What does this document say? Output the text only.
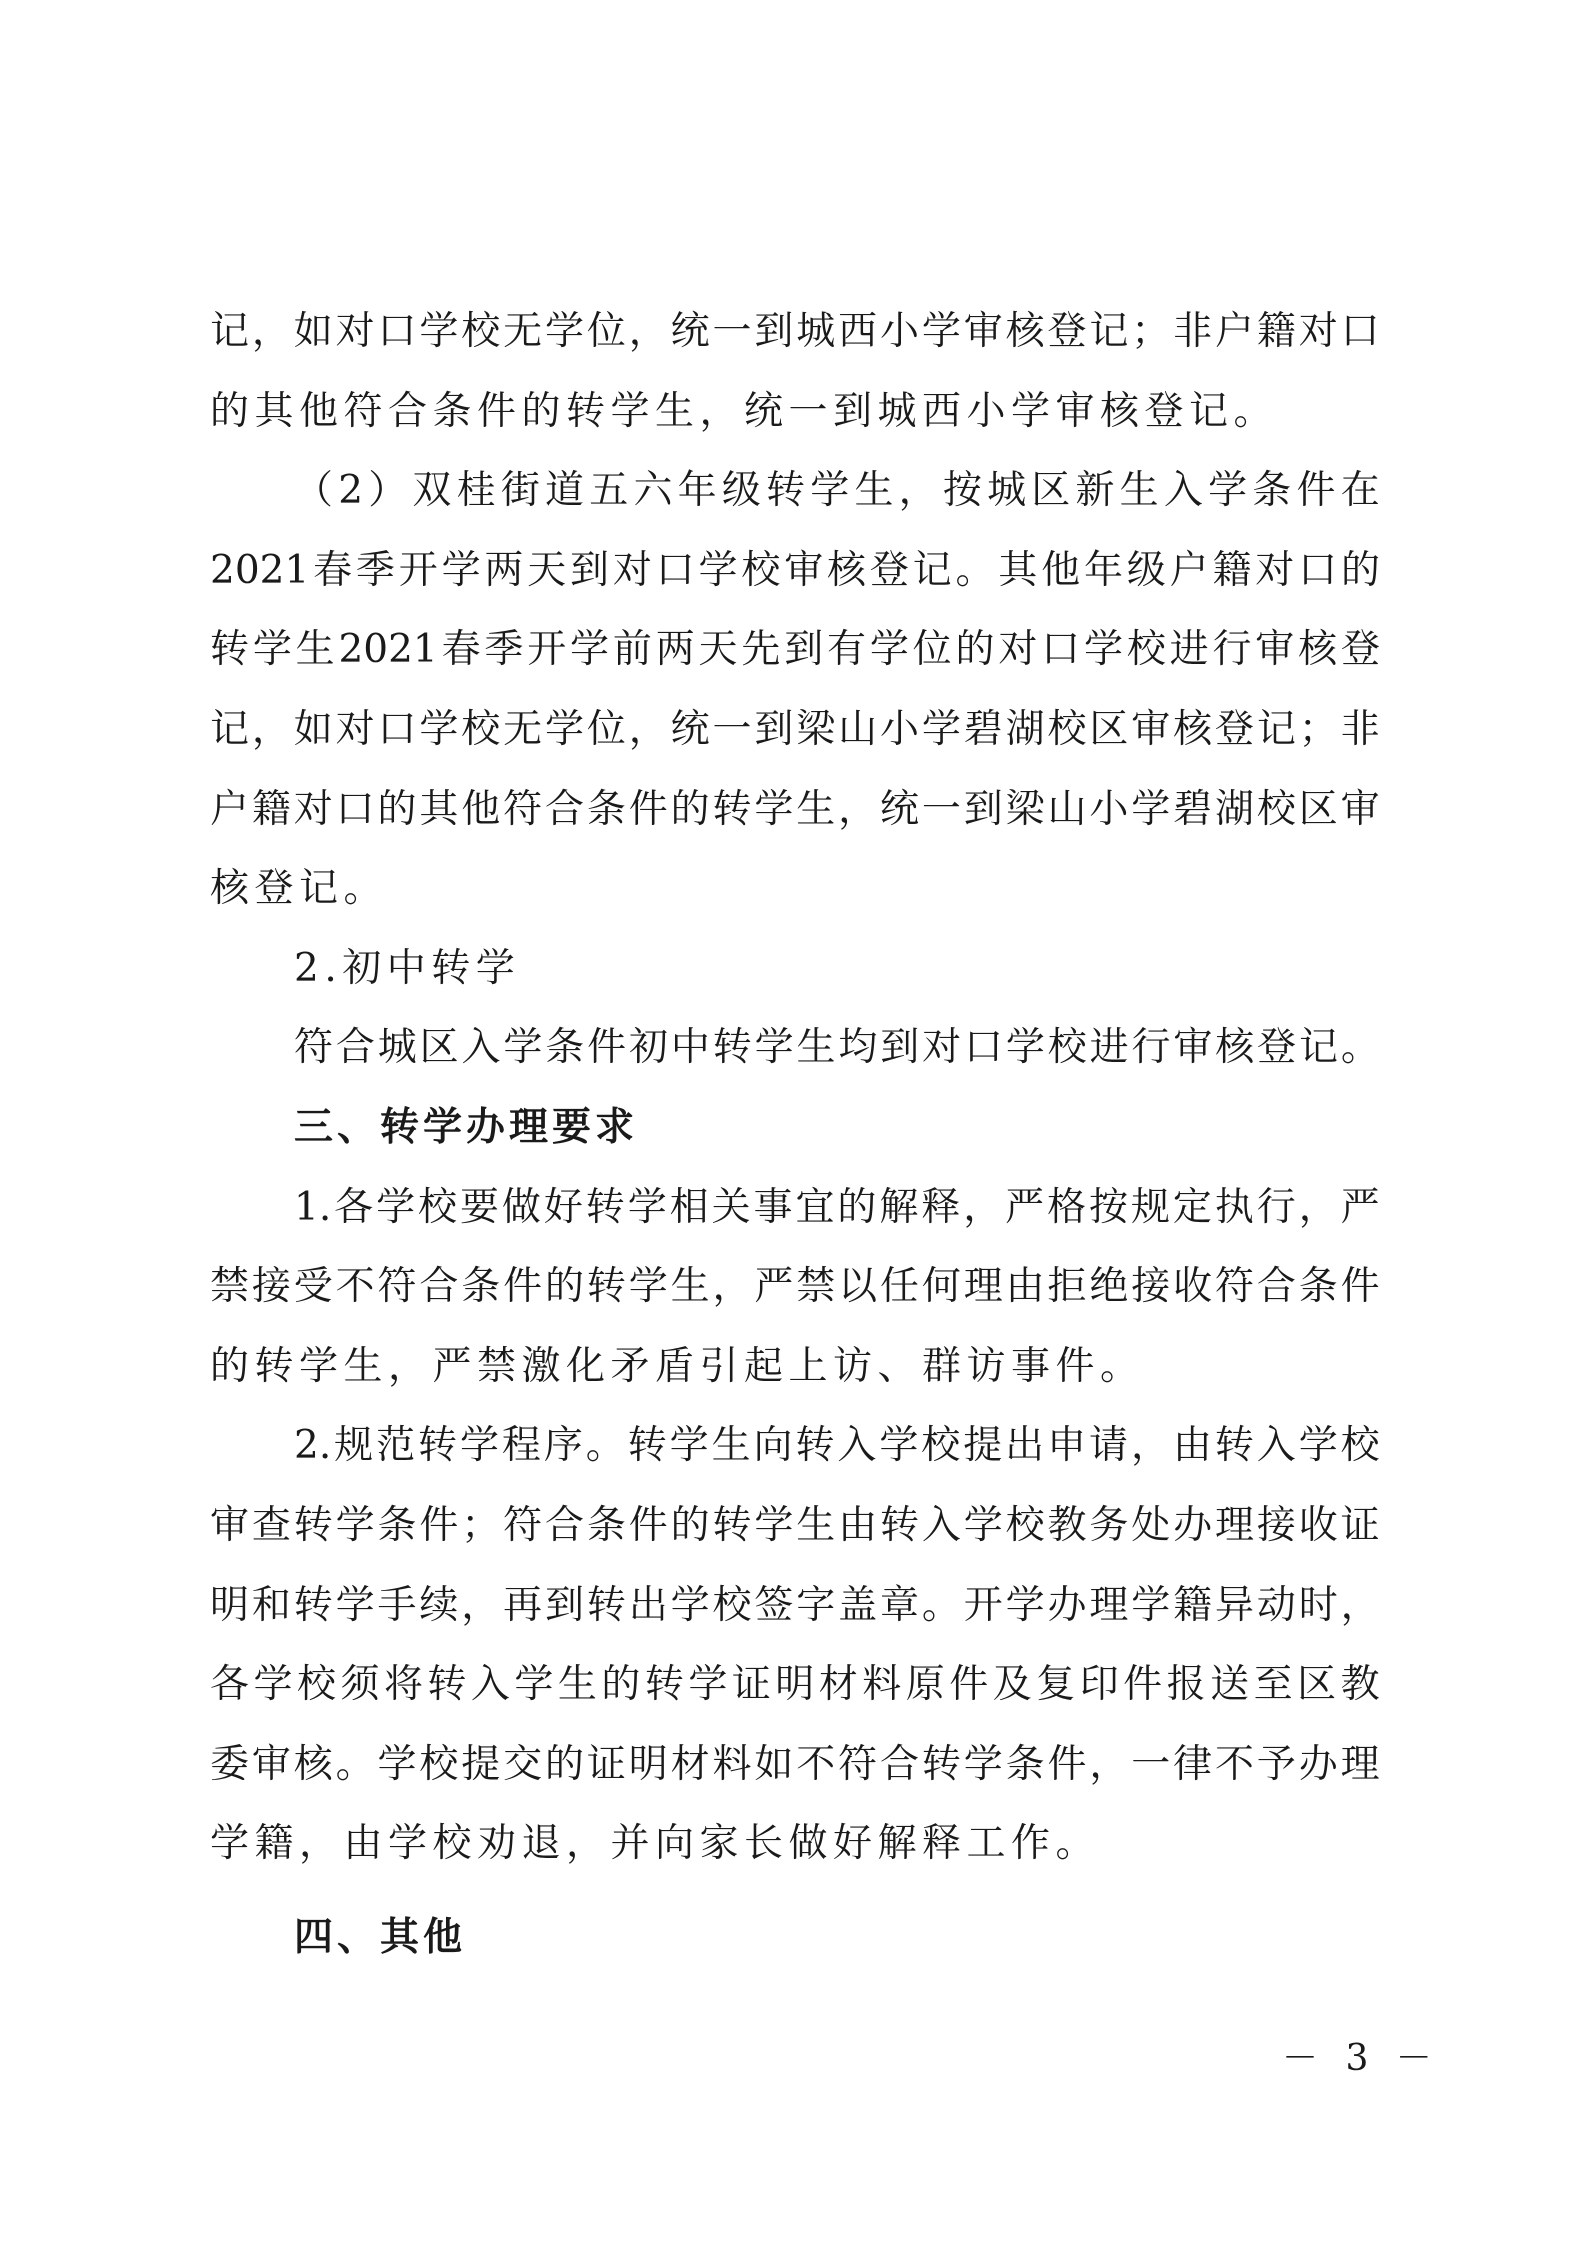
记 ， 如 对 口 学 校 无 学 位 ， 统 一 到 城 西 小 学 审 核 登 记 ； 非 户 籍 对 口
的其他符合条件的转学生，统一到城西小学审核登记。
（ 2 ） 双 桂 街 道 五 六 年 级 转 学 生 ， 按 城 区 新 生 入 学 条 件 在
2021 春 季 开 学 两 天 到 对 口 学 校 审 核 登 记 。 其 他 年 级 户 籍 对 口 的
转 学 生 2021 春 季 开 学 前 两 天 先 到 有 学 位 的 对 口 学 校 进 行 审 核 登
记 ， 如 对 口 学 校 无 学 位 ， 统 一 到 梁 山 小 学 碧 湖 校 区 审 核 登 记 ； 非
户 籍 对 口 的 其 他 符 合 条 件 的 转 学 生 ， 统 一 到 梁 山 小 学 碧 湖 校 区 审
核登记。
2.初中转学
符 合 城 区 入 学 条 件 初 中 转 学 生 均 到 对 口 学 校 进 行 审 核 登 记 。
三、转学办理要求
1. 各 学 校 要 做 好 转 学 相 关 事 宜 的 解 释 ， 严 格 按 规 定 执 行 ， 严
禁 接 受 不 符 合 条 件 的 转 学 生 ， 严 禁 以 任 何 理 由 拒 绝 接 收 符 合 条 件
的转学生，严禁激化矛盾引起上访、群访事件。
2. 规 范 转 学 程 序 。 转 学 生 向 转 入 学 校 提 出 申 请 ， 由 转 入 学 校
审 查 转 学 条 件 ； 符 合 条 件 的 转 学 生 由 转 入 学 校 教 务 处 办 理 接 收 证
明 和 转 学 手 续 ， 再 到 转 出 学 校 签 字 盖 章 。 开 学 办 理 学 籍 异 动 时 ，
各 学 校 须 将 转 入 学 生 的 转 学 证 明 材 料 原 件 及 复 印 件 报 送 至 区 教
委 审 核 。 学 校 提 交 的 证 明 材 料 如 不 符 合 转 学 条 件 ， 一 律 不 予 办 理
学籍，由学校劝退，并向家长做好解释工作。
四、其他
－ 3 －
